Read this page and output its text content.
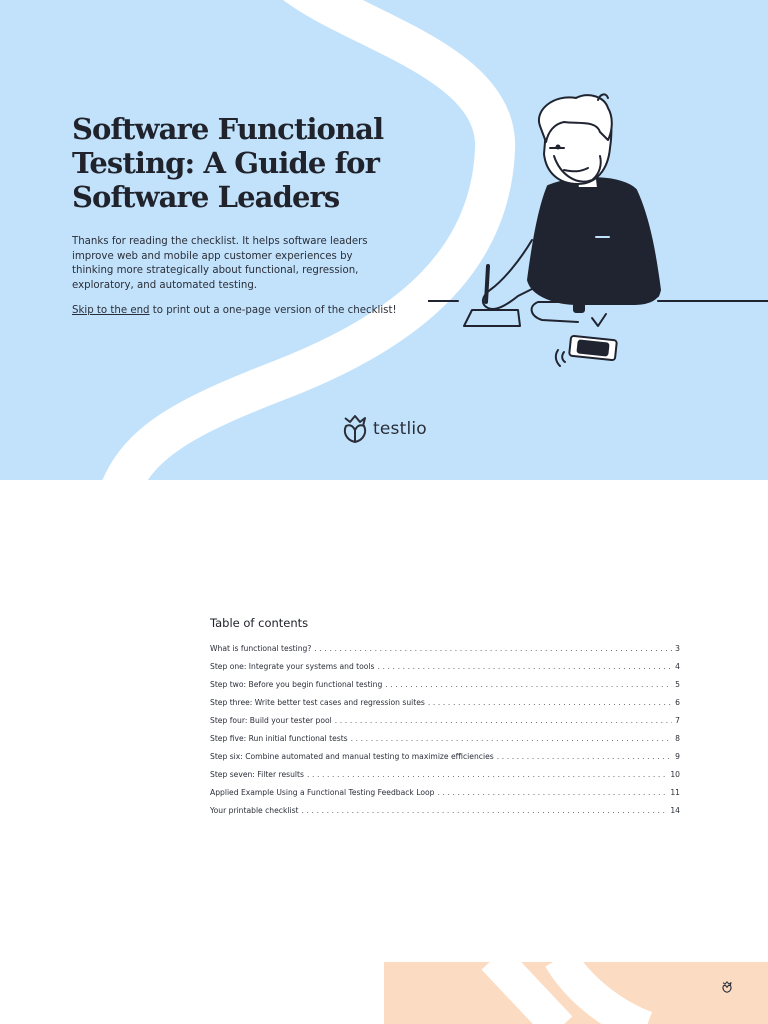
Software Functional Testing: A Guide for Software Leaders

Thanks for reading the checklist. It helps software leaders improve web and mobile app customer experiences by thinking more strategically about functional, regression, exploratory, and automated testing.

Skip to the end to print out a one-page version of the checklist!

testlio
Table of contents
What is functional testing? .....	3
Step one: Integrate your systems and tools .....	4
Step two: Before you begin functional testing .....	5
Step three: Write better test cases and regression suites .....	6
Step four: Build your tester pool .....	7
Step five: Run initial functional tests .....	8
Step six: Combine automated and manual testing to maximize efficiencies .....	9
Step seven: Filter results .....	10
Applied Example Using a Functional Testing Feedback Loop .....	11
Your printable checklist .....	14
